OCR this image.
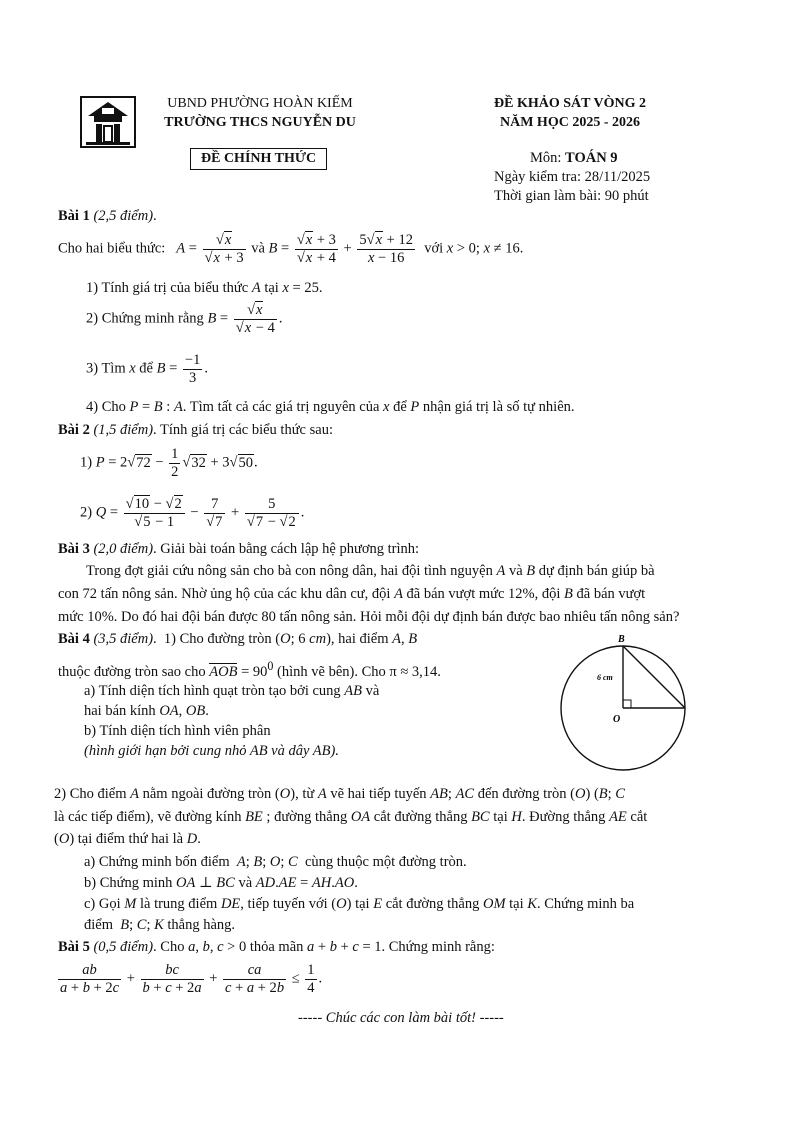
UBND PHƯỜNG HOÀN KIẾM
TRƯỜNG THCS NGUYỄN DU
ĐỀ CHÍNH THỨC
ĐỀ KHẢO SÁT VÒNG 2
NĂM HỌC 2025 - 2026
Môn: TOÁN 9
Ngày kiểm tra: 28/11/2025
Thời gian làm bài: 90 phút
Bài 1 (2,5 điểm).
Cho hai biểu thức:   $A = \frac{√x}{√x + 3}$ và $B = \frac{√x + 3}{√x + 4} + \frac{5√x + 12}{x - 16}$ với x > 0; x ≠ 16.
1) Tính giá trị của biểu thức A tại x = 25.
2) Chứng minh rằng $B = \frac{√x}{√x - 4}$ .
3) Tìm x để $B = \frac{-1}{3}$ .
4) Cho P = B : A. Tìm tất cả các giá trị nguyên của x để P nhận giá trị là số tự nhiên.
Bài 2 (1,5 điểm). Tính giá trị các biểu thức sau:
1) $P = 2√72 - \frac{1}{2} √32 + 3√50$.
2) $Q = \frac{√10 - √2}{√5 - 1} - \frac{7}{√7} + \frac{5}{√7 - √2}$ .
Bài 3 (2,0 điểm). Giải bài toán bằng cách lập hệ phương trình:
Trong đợt giải cứu nông sản cho bà con nông dân, hai đội tình nguyện A và B dự định bán giúp bà
con 72 tấn nông sản. Nhờ ủng hộ của các khu dân cư, đội A đã bán vượt mức 12%, đội B đã bán vượt
mức 10%. Do đó hai đội bán được 80 tấn nông sản. Hỏi mỗi đội dự định bán được bao nhiêu tấn nông sản?
Bài 4 (3,5 điểm).  1) Cho đường tròn (O; 6 cm), hai điểm A, B
thuộc đường tròn sao cho AOB = $90^0$ (hình vẽ bên). Cho π ≈ 3,14.
a) Tính diện tích hình quạt tròn tạo bởi cung AB và
hai bán kính OA, OB.
b) Tính diện tích hình viên phân
(hình giới hạn bởi cung nhỏ AB và dây AB).
B
O
6 cm
2) Cho điểm A nằm ngoài đường tròn (O), từ A vẽ hai tiếp tuyến AB; AC đến đường tròn (O) (B; C
là các tiếp điểm), vẽ đường kính BE ; đường thẳng OA cắt đường thẳng BC tại H. Đường thẳng AE cắt
(O) tại điểm thứ hai là D.
a) Chứng minh bốn điểm  A; B; O; C  cùng thuộc một đường tròn.
b) Chứng minh OA ⊥ BC và AD.AE = AH.AO.
c) Gọi M là trung điểm DE, tiếp tuyến với (O) tại E cắt đường thẳng OM tại K. Chứng minh ba
điểm  B; C; K thẳng hàng.
Bài 5 (0,5 điểm). Cho a, b, c > 0 thỏa mãn a + b + c = 1. Chứng minh rằng:
$\frac{ab}{a + b + 2c} + \frac{bc}{b + c + 2a} + \frac{ca}{c + a + 2b} \le \frac{1}{4}$ .
----- Chúc các con làm bài tốt! -----
